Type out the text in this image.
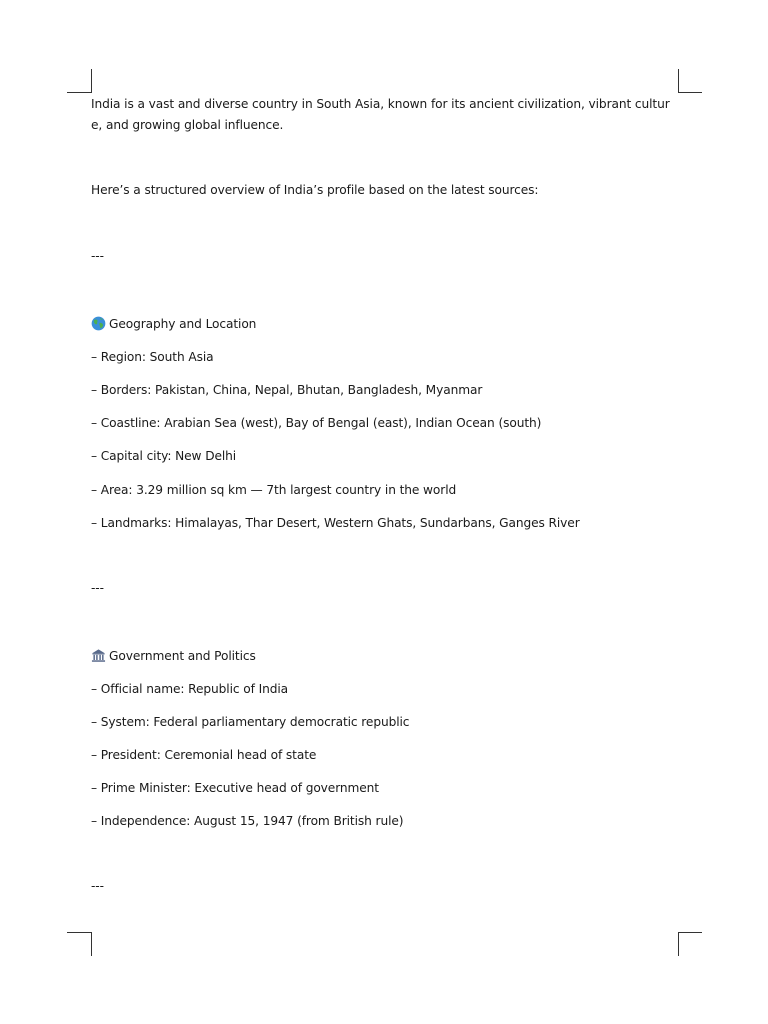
India is a vast and diverse country in South Asia, known for its ancient civilization, vibrant culture, and growing global influence.
Here’s a structured overview of India’s profile based on the latest sources:
---
Geography and Location
– Region: South Asia
– Borders: Pakistan, China, Nepal, Bhutan, Bangladesh, Myanmar
– Coastline: Arabian Sea (west), Bay of Bengal (east), Indian Ocean (south)
– Capital city: New Delhi
– Area: 3.29 million sq km — 7th largest country in the world
– Landmarks: Himalayas, Thar Desert, Western Ghats, Sundarbans, Ganges River
---
Government and Politics
– Official name: Republic of India
– System: Federal parliamentary democratic republic
– President: Ceremonial head of state
– Prime Minister: Executive head of government
– Independence: August 15, 1947 (from British rule)
---
